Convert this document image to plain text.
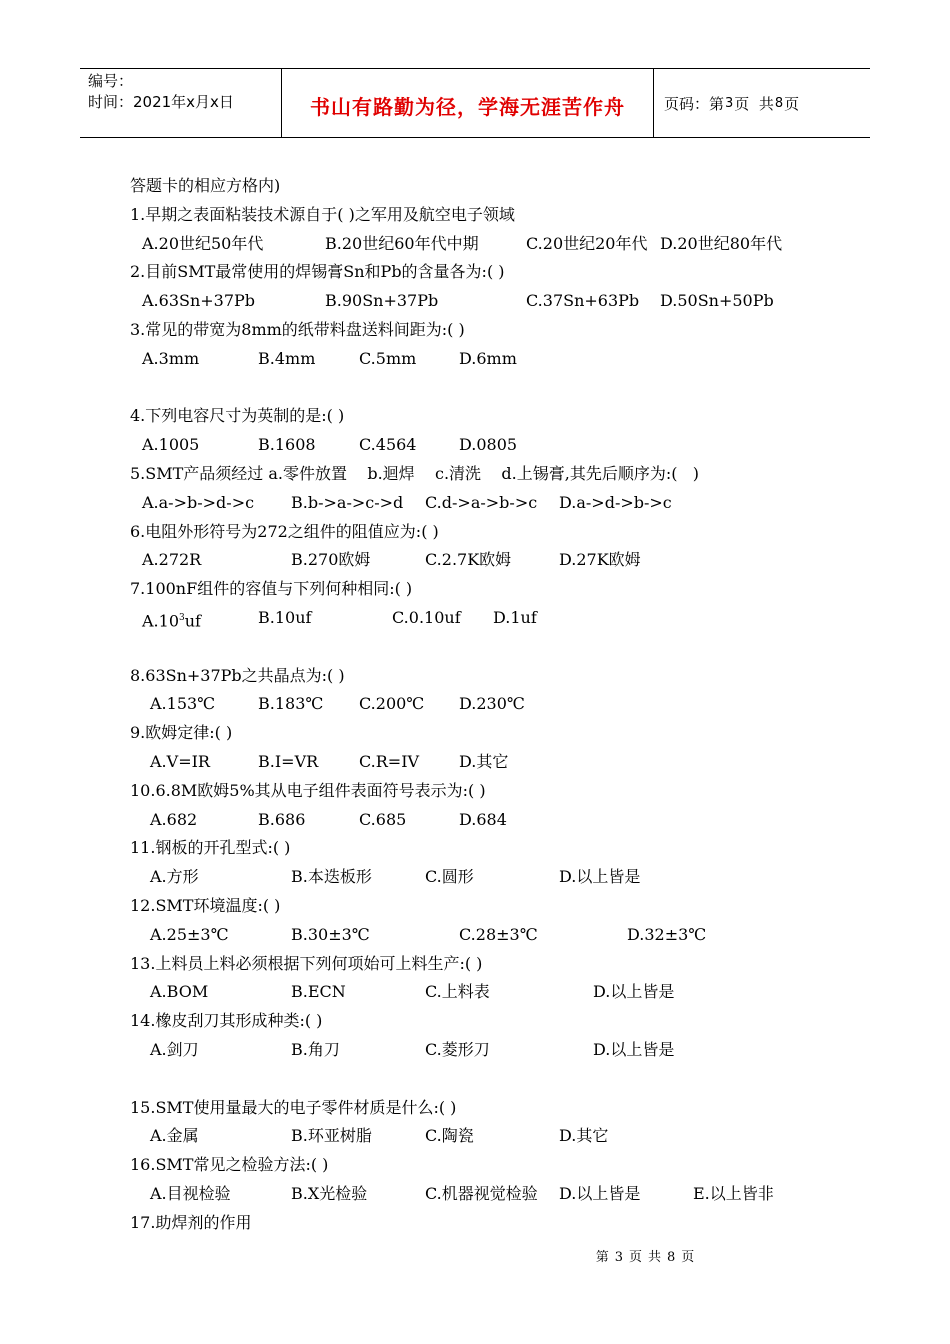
编号：
时间：2021年x月x日	书山有路勤为径，学海无涯苦作舟	页码：第 3 页  共 8 页
答题卡的相应方格内)
1.早期之表面粘装技术源自于( )之军用及航空电子领域
A.20世纪50年代	B.20世纪60年代中期	C.20世纪20年代 D.20世纪80年代
2.目前SMT最常使用的焊锡膏Sn和Pb的含量各为:( )
A.63Sn+37Pb	B.90Sn+37Pb	C.37Sn+63Pb D.50Sn+50Pb
3.常见的带宽为8mm的纸带料盘送料间距为:( )
A.3mm	B.4mm	C.5mm	D.6mm
4.下列电容尺寸为英制的是:( )
A.1005	B.1608	C.4564	D.0805
5.SMT产品须经过 a.零件放置    b.迴焊    c.清洗    d.上锡膏,其先后顺序为:(   )
A.a->b->d->c B.b->a->c->d C.d->a->b->c D.a->d->b->c
6.电阻外形符号为272之组件的阻值应为:( )
A.272R	B.270欧姆	C.2.7K欧姆	D.27K欧姆
7.100nF组件的容值与下列何种相同:( )
$A.10^3uf$	B.10uf	C.0.10uf D.1uf
8.63Sn+37Pb之共晶点为:( )
A.153℃	B.183℃ C.200℃ D.230℃
9.欧姆定律:( )
A.V=IR	B.I=VR	C.R=IV D.其它
10.6.8M欧姆5%其从电子组件表面符号表示为:( )
A.682	B.686	C.685	D.684
11.钢板的开孔型式:( )
A.方形	B.本迭板形	C.圆形	D.以上皆是
12.SMT环境温度:( )
A.25±3℃	B.30±3℃	C.28±3℃	D.32±3℃
13.上料员上料必须根据下列何项始可上料生产:( )
A.BOM	B.ECN	C.上料表	D.以上皆是
14.橡皮刮刀其形成种类:( )
A.剑刀	B.角刀	C.菱形刀	D.以上皆是
15.SMT使用量最大的电子零件材质是什么:( )
A.金属	B.环亚树脂	C.陶瓷	D.其它
16.SMT常见之检验方法:( )
A.目视检验	B.X光检验	C.机器视觉检验 D.以上皆是	E.以上皆非
17.助焊剂的作用
第 3 页 共 8 页
